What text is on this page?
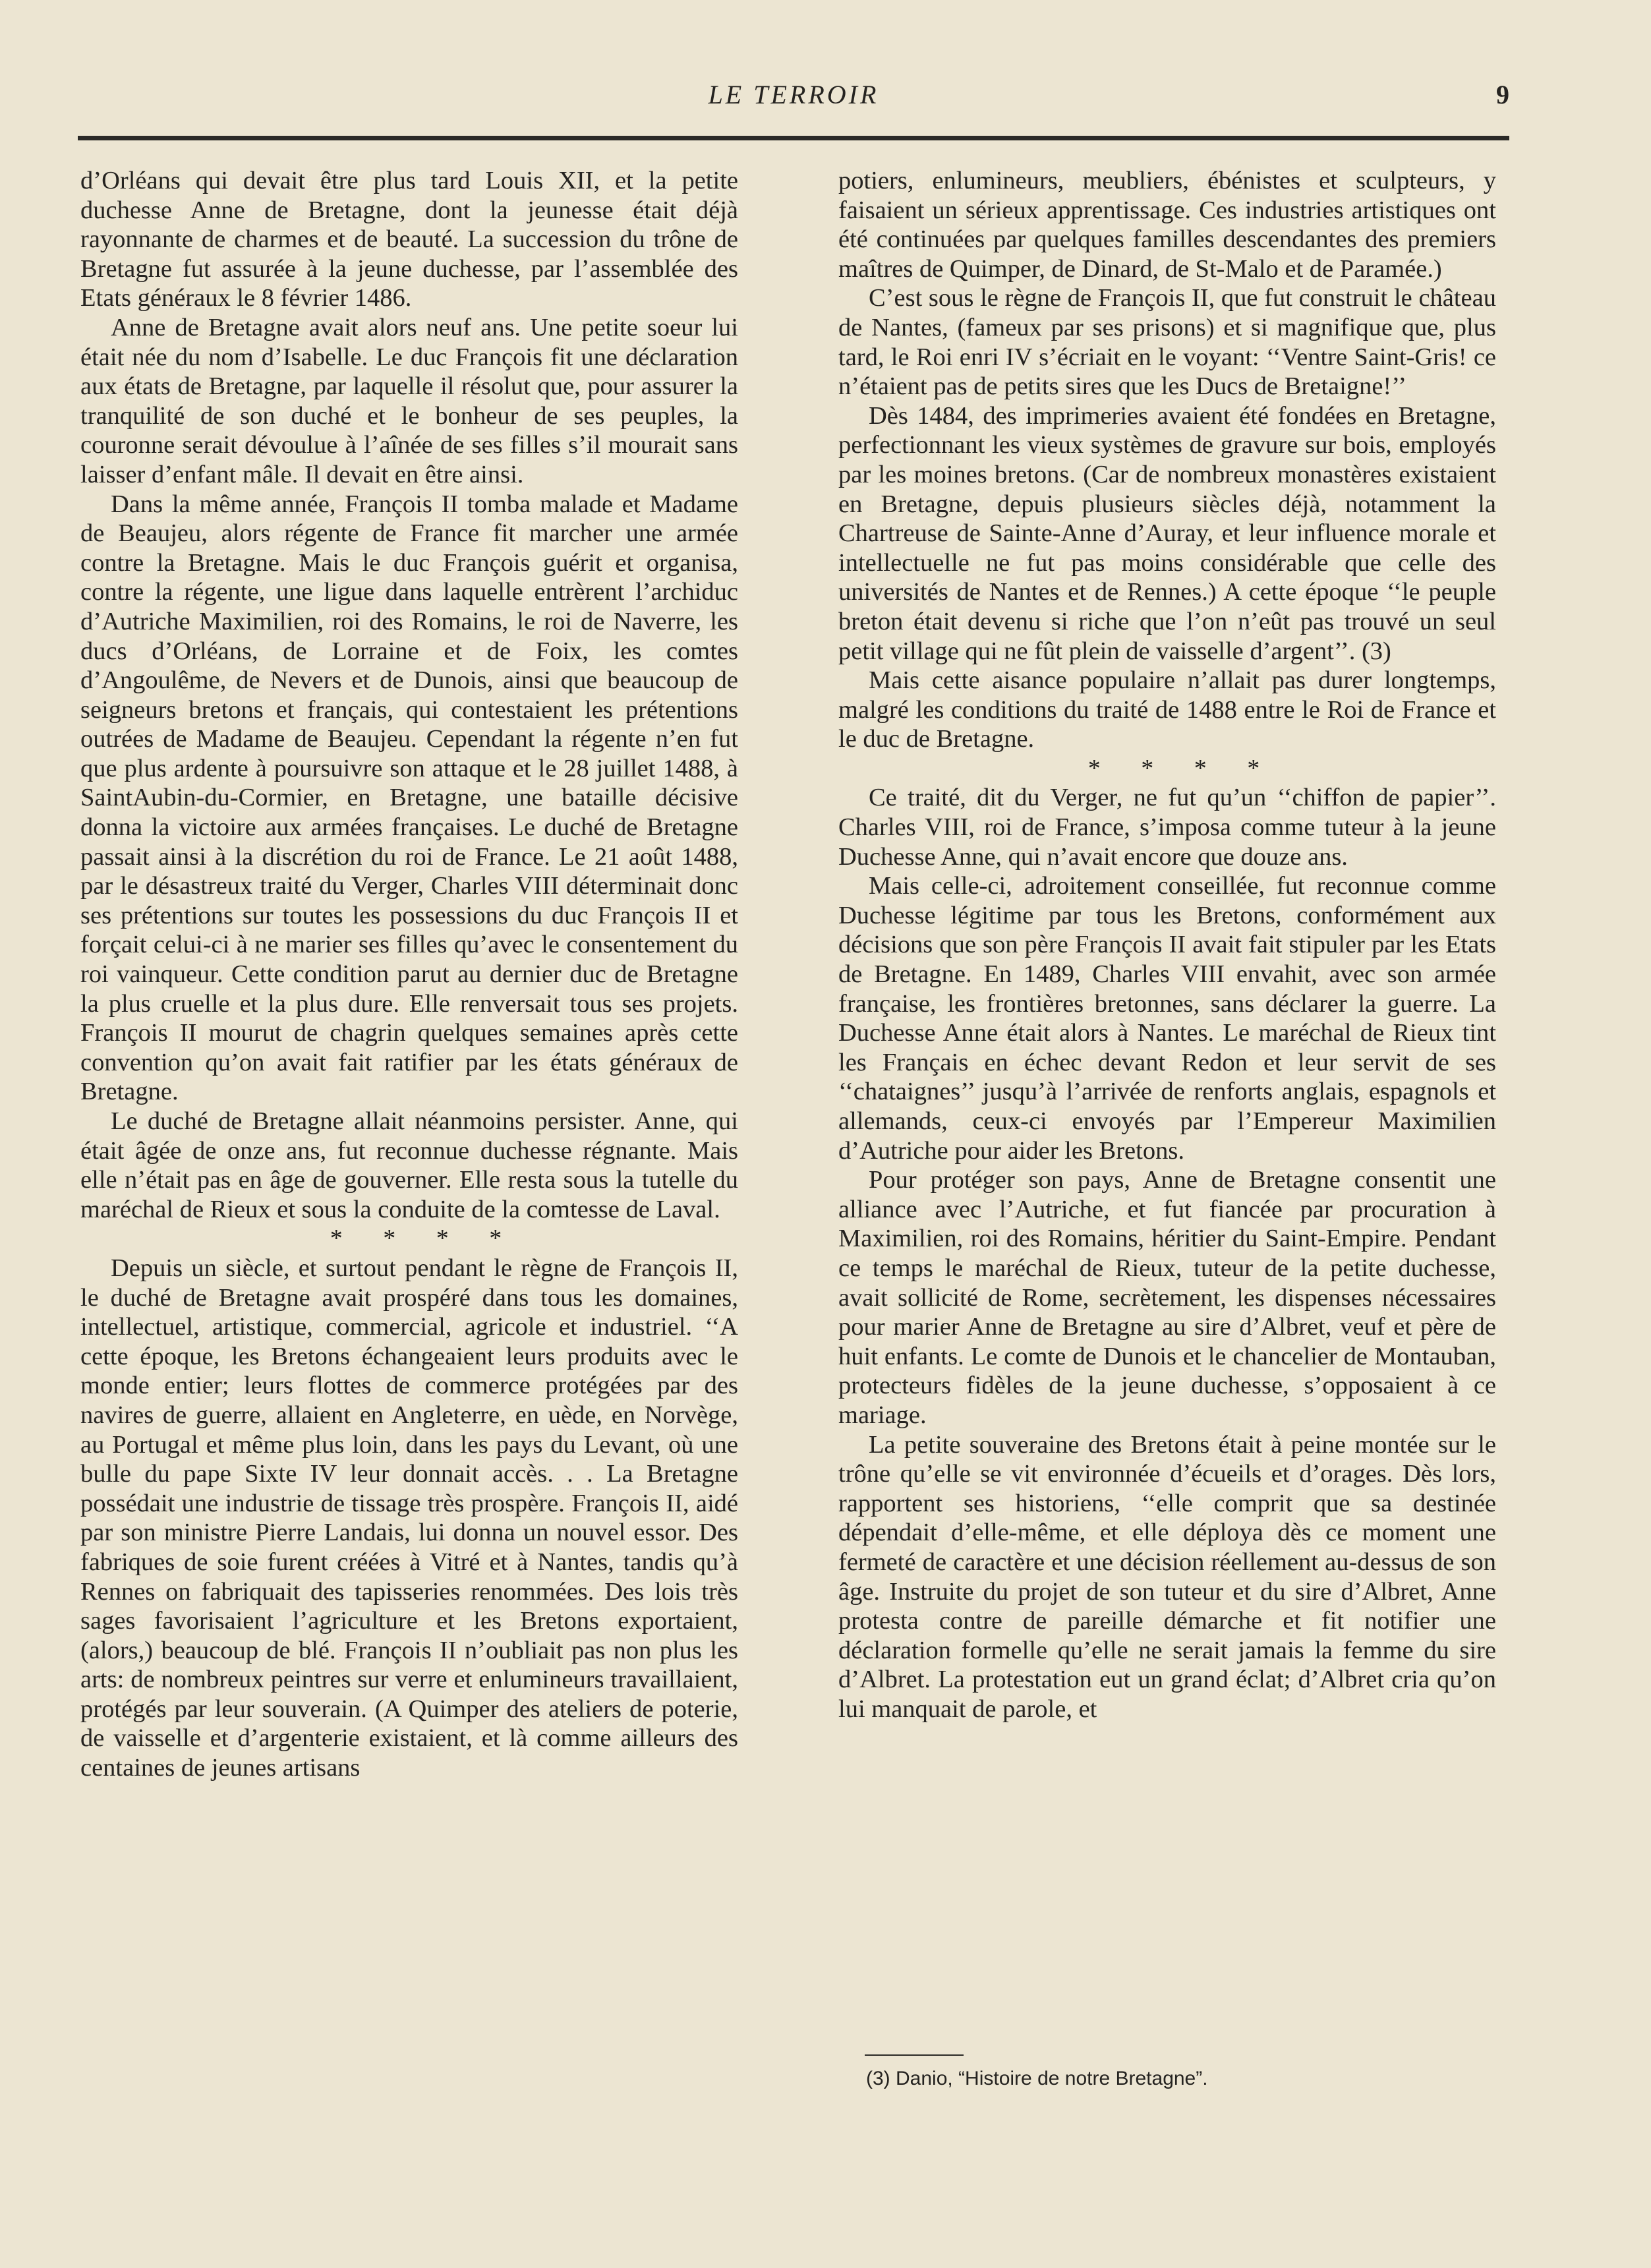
LE TERROIR	9

d’Orléans qui devait être plus tard Louis XII, et la petite duchesse Anne de Bretagne, dont la jeunesse était déjà rayonnante de charmes et de beauté. La succession du trône de Bretagne fut assurée à la jeune duchesse, par l’assemblée des Etats généraux le 8 février 1486.

Anne de Bretagne avait alors neuf ans. Une petite soeur lui était née du nom d’Isabelle. Le duc François fit une déclaration aux états de Bretagne, par laquelle il résolut que, pour assurer la tranquilité de son duché et le bonheur de ses peuples, la couronne serait dévoulue à l’aînée de ses filles s’il mourait sans laisser d’enfant mâle. Il devait en être ainsi.

Dans la même année, François II tomba malade et Madame de Beaujeu, alors régente de France fit marcher une armée contre la Bretagne. Mais le duc François guérit et organisa, contre la régente, une ligue dans laquelle entrèrent l’archiduc d’Autriche Maximilien, roi des Romains, le roi de Naverre, les ducs d’Orléans, de Lorraine et de Foix, les comtes d’Angoulême, de Nevers et de Dunois, ainsi que beaucoup de seigneurs bretons et français, qui contestaient les prétentions outrées de Madame de Beaujeu. Cependant la régente n’en fut que plus ardente à poursuivre son attaque et le 28 juillet 1488, à SaintAubin-du-Cormier, en Bretagne, une bataille décisive donna la victoire aux armées françaises. Le duché de Bretagne passait ainsi à la discrétion du roi de France. Le 21 août 1488, par le désastreux traité du Verger, Charles VIII déterminait donc ses prétentions sur toutes les possessions du duc François II et forçait celui-ci à ne marier ses filles qu’avec le consentement du roi vainqueur. Cette condition parut au dernier duc de Bretagne la plus cruelle et la plus dure. Elle renversait tous ses projets. François II mourut de chagrin quelques semaines après cette convention qu’on avait fait ratifier par les états généraux de Bretagne.

Le duché de Bretagne allait néanmoins persister. Anne, qui était âgée de onze ans, fut reconnue duchesse régnante. Mais elle n’était pas en âge de gouverner. Elle resta sous la tutelle du maréchal de Rieux et sous la conduite de la comtesse de Laval.

* * * *

Depuis un siècle, et surtout pendant le règne de François II, le duché de Bretagne avait prospéré dans tous les domaines, intellectuel, artistique, commercial, agricole et industriel. ‘‘A cette époque, les Bretons échangeaient leurs produits avec le monde entier; leurs flottes de commerce protégées par des navires de guerre, allaient en Angleterre, en uède, en Norvège, au Portugal et même plus loin, dans les pays du Levant, où une bulle du pape Sixte IV leur donnait accès. . . La Bretagne possédait une industrie de tissage très prospère. François II, aidé par son ministre Pierre Landais, lui donna un nouvel essor. Des fabriques de soie furent créées à Vitré et à Nantes, tandis qu’à Rennes on fabriquait des tapisseries renommées. Des lois très sages favorisaient l’agriculture et les Bretons exportaient, (alors,) beaucoup de blé. François II n’oubliait pas non plus les arts: de nombreux peintres sur verre et enlumineurs travaillaient, protégés par leur souverain. (A Quimper des ateliers de poterie, de vaisselle et d’argenterie existaient, et là comme ailleurs des centaines de jeunes artisans

potiers, enlumineurs, meubliers, ébénistes et sculpteurs, y faisaient un sérieux apprentissage. Ces industries artistiques ont été continuées par quelques familles descendantes des premiers maîtres de Quimper, de Dinard, de St-Malo et de Paramée.)

C’est sous le règne de François II, que fut construit le château de Nantes, (fameux par ses prisons) et si magnifique que, plus tard, le Roi enri IV s’écriait en le voyant: ‘‘Ventre Saint-Gris! ce n’étaient pas de petits sires que les Ducs de Bretaigne!’’

Dès 1484, des imprimeries avaient été fondées en Bretagne, perfectionnant les vieux systèmes de gravure sur bois, employés par les moines bretons. (Car de nombreux monastères existaient en Bretagne, depuis plusieurs siècles déjà, notamment la Chartreuse de Sainte-Anne d’Auray, et leur influence morale et intellectuelle ne fut pas moins considérable que celle des universités de Nantes et de Rennes.) A cette époque ‘‘le peuple breton était devenu si riche que l’on n’eût pas trouvé un seul petit village qui ne fût plein de vaisselle d’argent’’. (3)

Mais cette aisance populaire n’allait pas durer longtemps, malgré les conditions du traité de 1488 entre le Roi de France et le duc de Bretagne.

* * * *

Ce traité, dit du Verger, ne fut qu’un ‘‘chiffon de papier’’. Charles VIII, roi de France, s’imposa comme tuteur à la jeune Duchesse Anne, qui n’avait encore que douze ans.

Mais celle-ci, adroitement conseillée, fut reconnue comme Duchesse légitime par tous les Bretons, conformément aux décisions que son père François II avait fait stipuler par les Etats de Bretagne. En 1489, Charles VIII envahit, avec son armée française, les frontières bretonnes, sans déclarer la guerre. La Duchesse Anne était alors à Nantes. Le maréchal de Rieux tint les Français en échec devant Redon et leur servit de ses ‘‘chataignes’’ jusqu’à l’arrivée de renforts anglais, espagnols et allemands, ceux-ci envoyés par l’Empereur Maximilien d’Autriche pour aider les Bretons.

Pour protéger son pays, Anne de Bretagne consentit une alliance avec l’Autriche, et fut fiancée par procuration à Maximilien, roi des Romains, héritier du Saint-Empire. Pendant ce temps le maréchal de Rieux, tuteur de la petite duchesse, avait sollicité de Rome, secrètement, les dispenses nécessaires pour marier Anne de Bretagne au sire d’Albret, veuf et père de huit enfants. Le comte de Dunois et le chancelier de Montauban, protecteurs fidèles de la jeune duchesse, s’opposaient à ce mariage.

La petite souveraine des Bretons était à peine montée sur le trône qu’elle se vit environnée d’écueils et d’orages. Dès lors, rapportent ses historiens, ‘‘elle comprit que sa destinée dépendait d’elle-même, et elle déploya dès ce moment une fermeté de caractère et une décision réellement au-dessus de son âge. Instruite du projet de son tuteur et du sire d’Albret, Anne protesta contre de pareille démarche et fit notifier une déclaration formelle qu’elle ne serait jamais la femme du sire d’Albret. La protestation eut un grand éclat; d’Albret cria qu’on lui manquait de parole, et

(3) Danio, “Histoire de notre Bretagne”.
